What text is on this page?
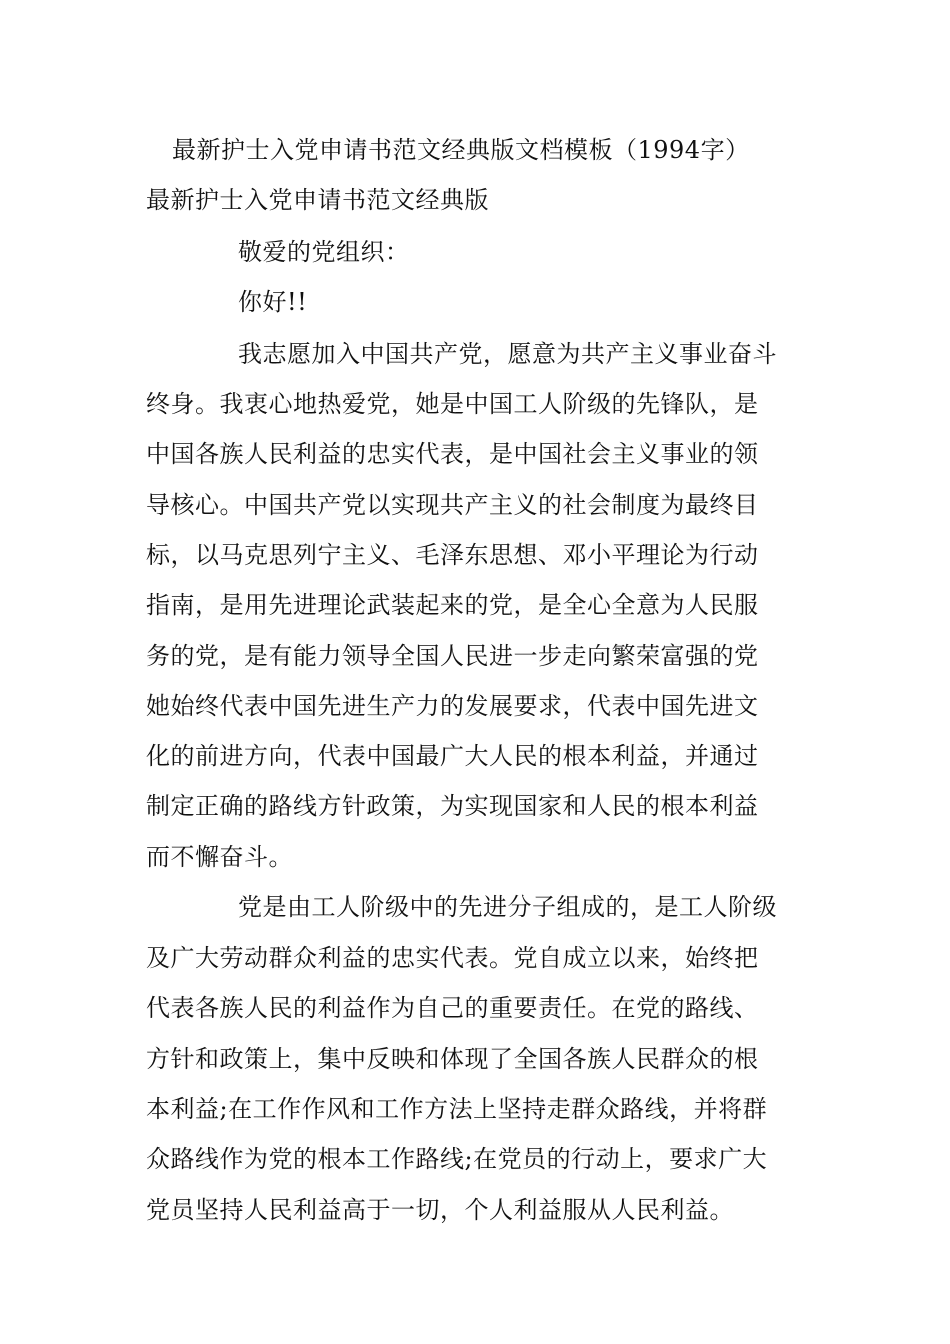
最新护士入党申请书范文经典版文档模板（1994字）
最新护士入党申请书范文经典版
敬爱的党组织：
你好!!
我志愿加入中国共产党，愿意为共产主义事业奋斗
终身。我衷心地热爱党，她是中国工人阶级的先锋队，是
中国各族人民利益的忠实代表，是中国社会主义事业的领
导核心。中国共产党以实现共产主义的社会制度为最终目
标，以马克思列宁主义、毛泽东思想、邓小平理论为行动
指南，是用先进理论武装起来的党，是全心全意为人民服
务的党，是有能力领导全国人民进一步走向繁荣富强的党
她始终代表中国先进生产力的发展要求，代表中国先进文
化的前进方向，代表中国最广大人民的根本利益，并通过
制定正确的路线方针政策，为实现国家和人民的根本利益
而不懈奋斗。
党是由工人阶级中的先进分子组成的，是工人阶级
及广大劳动群众利益的忠实代表。党自成立以来，始终把
代表各族人民的利益作为自己的重要责任。在党的路线、
方针和政策上，集中反映和体现了全国各族人民群众的根
本利益;在工作作风和工作方法上坚持走群众路线，并将群
众路线作为党的根本工作路线;在党员的行动上，要求广大
党员坚持人民利益高于一切，个人利益服从人民利益。
